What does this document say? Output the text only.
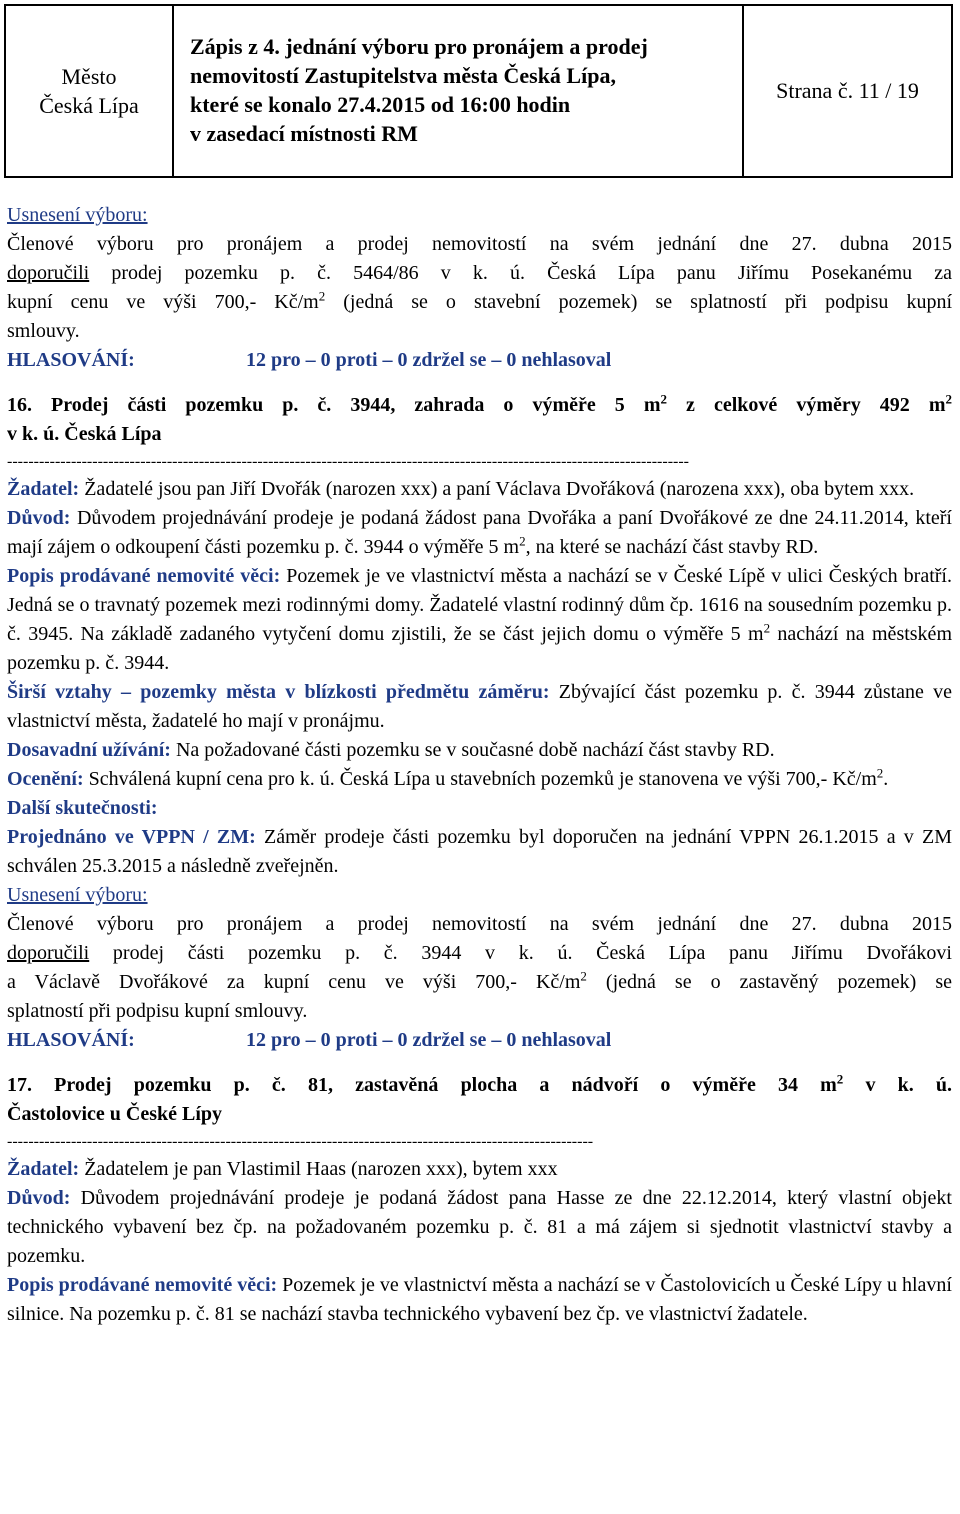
Město
Česká Lípa
Zápis z 4. jednání výboru pro pronájem a prodej
nemovitostí Zastupitelstva města Česká Lípa,
které se konalo 27.4.2015 od 16:00 hodin
v zasedací místnosti RM
Strana č. 11 / 19

Usnesení výboru:

Členové výboru pro pronájem a prodej nemovitostí na svém jednání dne 27. dubna 2015

doporučili prodej pozemku p. č. 5464/86 v k. ú. Česká Lípa panu Jiřímu Posekanému za

kupní cenu ve výši 700,- $Kč/m^2$ (jedná se o stavební pozemek) se splatností při podpisu kupní

smlouvy.

HLASOVÁNÍ:	12 pro – 0 proti – 0 zdržel se – 0 nehlasoval

16. Prodej části pozemku p. č. 3944, zahrada o výměře 5 $m^2$ z celkové výměry 492 $m^2$

v k. ú. Česká Lípa

--------------------------------------------------------------------------------------------------------------------------------

Žadatel: Žadatelé jsou pan Jiří Dvořák (narozen xxx) a paní Václava Dvořáková (narozena xxx), oba bytem xxx.

Důvod: Důvodem projednávání prodeje je podaná žádost pana Dvořáka a paní Dvořákové ze dne 24.11.2014, kteří mají zájem o odkoupení části pozemku p. č. 3944 o výměře 5 $m^2$, na které se nachází část stavby RD.

Popis prodávané nemovité věci: Pozemek je ve vlastnictví města a nachází se v České Lípě v ulici Českých bratří. Jedná se o travnatý pozemek mezi rodinnými domy. Žadatelé vlastní rodinný dům čp. 1616 na sousedním pozemku p. č. 3945. Na základě zadaného vytyčení domu zjistili, že se část jejich domu o výměře 5 $m^2$ nachází na městském pozemku p. č. 3944.

Širší vztahy – pozemky města v blízkosti předmětu záměru: Zbývající část pozemku p. č. 3944 zůstane ve vlastnictví města, žadatelé ho mají v pronájmu.

Dosavadní užívání: Na požadované části pozemku se v současné době nachází část stavby RD.

Ocenění: Schválená kupní cena pro k. ú. Česká Lípa u stavebních pozemků je stanovena ve výši 700,- $Kč/m^2$.

Další skutečnosti:

Projednáno ve VPPN / ZM: Záměr prodeje části pozemku byl doporučen na jednání VPPN 26.1.2015 a v ZM schválen 25.3.2015 a následně zveřejněn.

Usnesení výboru:

Členové výboru pro pronájem a prodej nemovitostí na svém jednání dne 27. dubna 2015

doporučili prodej části pozemku p. č. 3944 v k. ú. Česká Lípa panu Jiřímu Dvořákovi

a Václavě Dvořákové za kupní cenu ve výši 700,- $Kč/m^2$ (jedná se o zastavěný pozemek) se

splatností při podpisu kupní smlouvy.

HLASOVÁNÍ:	12 pro – 0 proti – 0 zdržel se – 0 nehlasoval

17. Prodej pozemku p. č. 81, zastavěná plocha a nádvoří o výměře 34 $m^2$ v k. ú.

Častolovice u České Lípy

--------------------------------------------------------------------------------------------------------------

Žadatel: Žadatelem je pan Vlastimil Haas (narozen xxx), bytem xxx

Důvod: Důvodem projednávání prodeje je podaná žádost pana Hasse ze dne 22.12.2014, který vlastní objekt technického vybavení bez čp. na požadovaném pozemku p. č. 81 a má zájem si sjednotit vlastnictví stavby a pozemku.

Popis prodávané nemovité věci: Pozemek je ve vlastnictví města a nachází se v Častolovicích u České Lípy u hlavní silnice. Na pozemku p. č. 81 se nachází stavba technického vybavení bez čp. ve vlastnictví žadatele.
